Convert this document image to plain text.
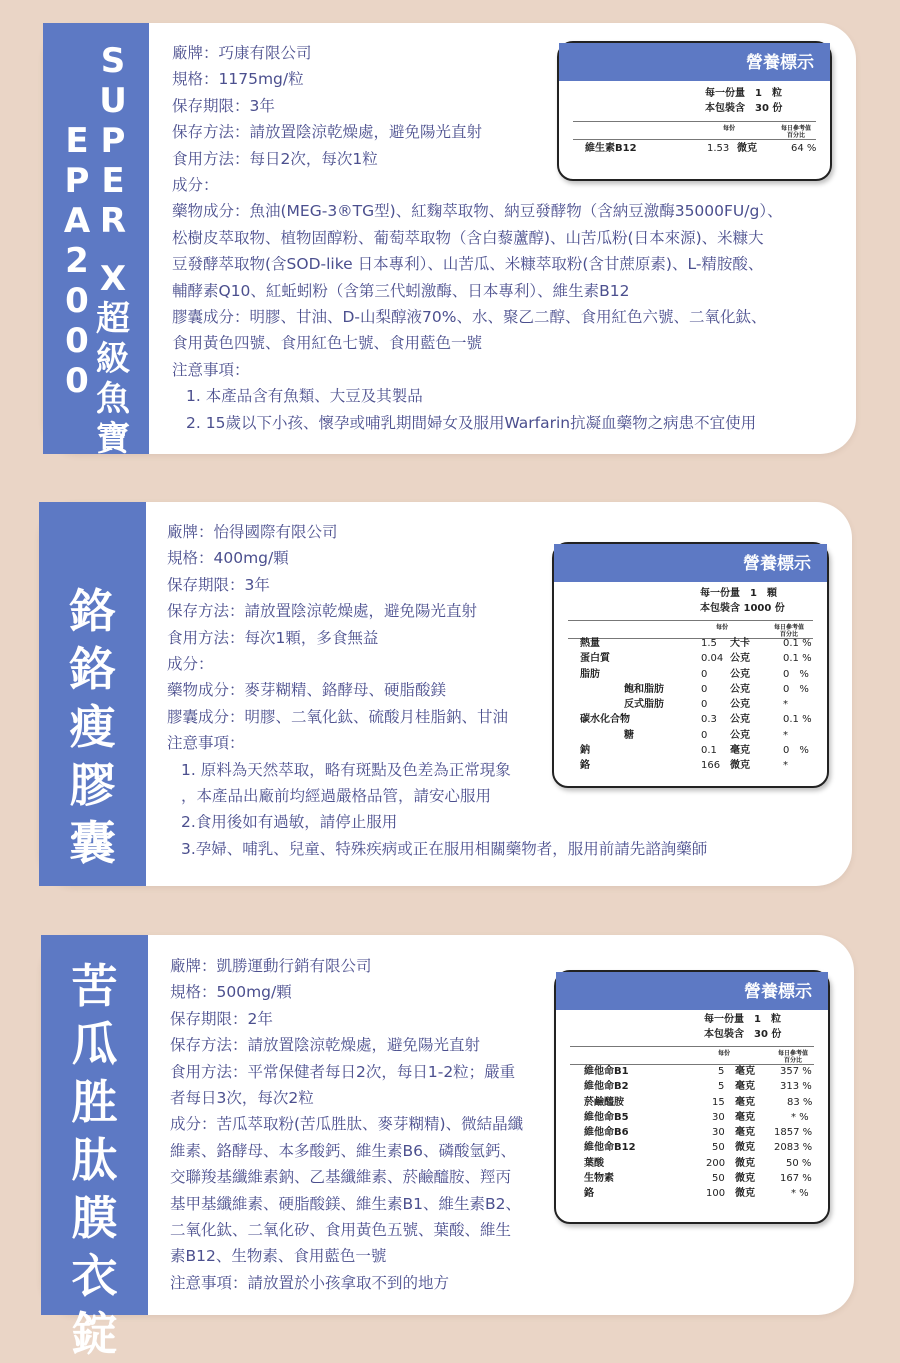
E
P
A
2
0
0
0
S
U
P
E
R
X
超
級
魚
寶
廠牌：巧康有限公司
規格：1175mg/粒
保存期限：3年
保存方法：請放置陰涼乾燥處，避免陽光直射
食用方法：每日2次，每次1粒
成分：
藥物成分：魚油(MEG-3®TG型)、紅麴萃取物、納豆發酵物（含納豆激酶35000FU/g）、
松樹皮萃取物、植物固醇粉、葡萄萃取物（含白藜蘆醇)、山苦瓜粉(日本來源)、米糠大
豆發酵萃取物(含SOD-like 日本專利）、山苦瓜、米糠萃取粉(含甘蔗原素)、L-精胺酸、
輔酵素Q10、紅蚯蚓粉（含第三代蚓激酶、日本專利）、維生素B12
膠囊成分：明膠、甘油、D-山梨醇液70%、水、聚乙二醇、食用紅色六號、二氧化鈦、
食用黃色四號、食用紅色七號、食用藍色一號
注意事項：
1. 本產品含有魚類、大豆及其製品
2. 15歲以下小孩、懷孕或哺乳期間婦女及服用Warfarin抗凝血藥物之病患不宜使用
營養標示
每一份量　 1　粒
本包裝含　 30 份
每份	每日參考值百分比
維生素B12	1.53 微克	64 %
鉻
鉻
瘦
膠
囊
廠牌：怡得國際有限公司
規格：400mg/顆
保存期限：3年
保存方法：請放置陰涼乾燥處，避免陽光直射
食用方法：每次1顆，多食無益
成分：
藥物成分：麥芽糊精、鉻酵母、硬脂酸鎂
膠囊成分：明膠、二氧化鈦、硫酸月桂脂鈉、甘油
注意事項：
1. 原料為天然萃取，略有斑點及色差為正常現象
，本產品出廠前均經過嚴格品管，請安心服用
2.食用後如有過敏，請停止服用
3.孕婦、哺乳、兒童、特殊疾病或正在服用相關藥物者，服用前請先諮詢藥師
營養標示
每一份量　 1　顆
本包裝含 1000 份
每份	每日參考值百分比
熱量	1.5 大卡	0.1 %
蛋白質	0.04 公克	0.1 %
脂肪	0 公克	0　%
飽和脂肪	0 公克	0　%
反式脂肪	0 公克	*
碳水化合物	0.3 公克	0.1 %
糖	0 公克	*
鈉	0.1 毫克	0　%
鉻	166 微克	*
苦
瓜
胜
肽
膜
衣
錠
廠牌：凱勝運動行銷有限公司
規格：500mg/顆
保存期限：2年
保存方法：請放置陰涼乾燥處，避免陽光直射
食用方法：平常保健者每日2次，每日1-2粒；嚴重
者每日3次，每次2粒
成分：苦瓜萃取粉(苦瓜胜肽、麥芽糊精)、微結晶纖
維素、鉻酵母、本多酸鈣、維生素B6、磷酸氫鈣、
交聯羧基纖維素鈉、乙基纖維素、菸鹼醯胺、羥丙
基甲基纖維素、硬脂酸鎂、維生素B1、維生素B2、
二氧化鈦、二氧化矽、食用黃色五號、葉酸、維生
素B12、生物素、食用藍色一號
注意事項：請放置於小孩拿取不到的地方
營養標示
每一份量　 1　粒
本包裝含　 30 份
每份	每日參考值百分比
維他命B1	5 毫克	357 %
維他命B2	5 毫克	313 %
菸鹼醯胺	15 毫克	83 %
維他命B5	30 毫克	* %
維他命B6	30 毫克 1857 %
維他命B12	50 微克 2083 %
葉酸	200 微克	50 %
生物素	50 微克	167 %
鉻	100 微克	* %
